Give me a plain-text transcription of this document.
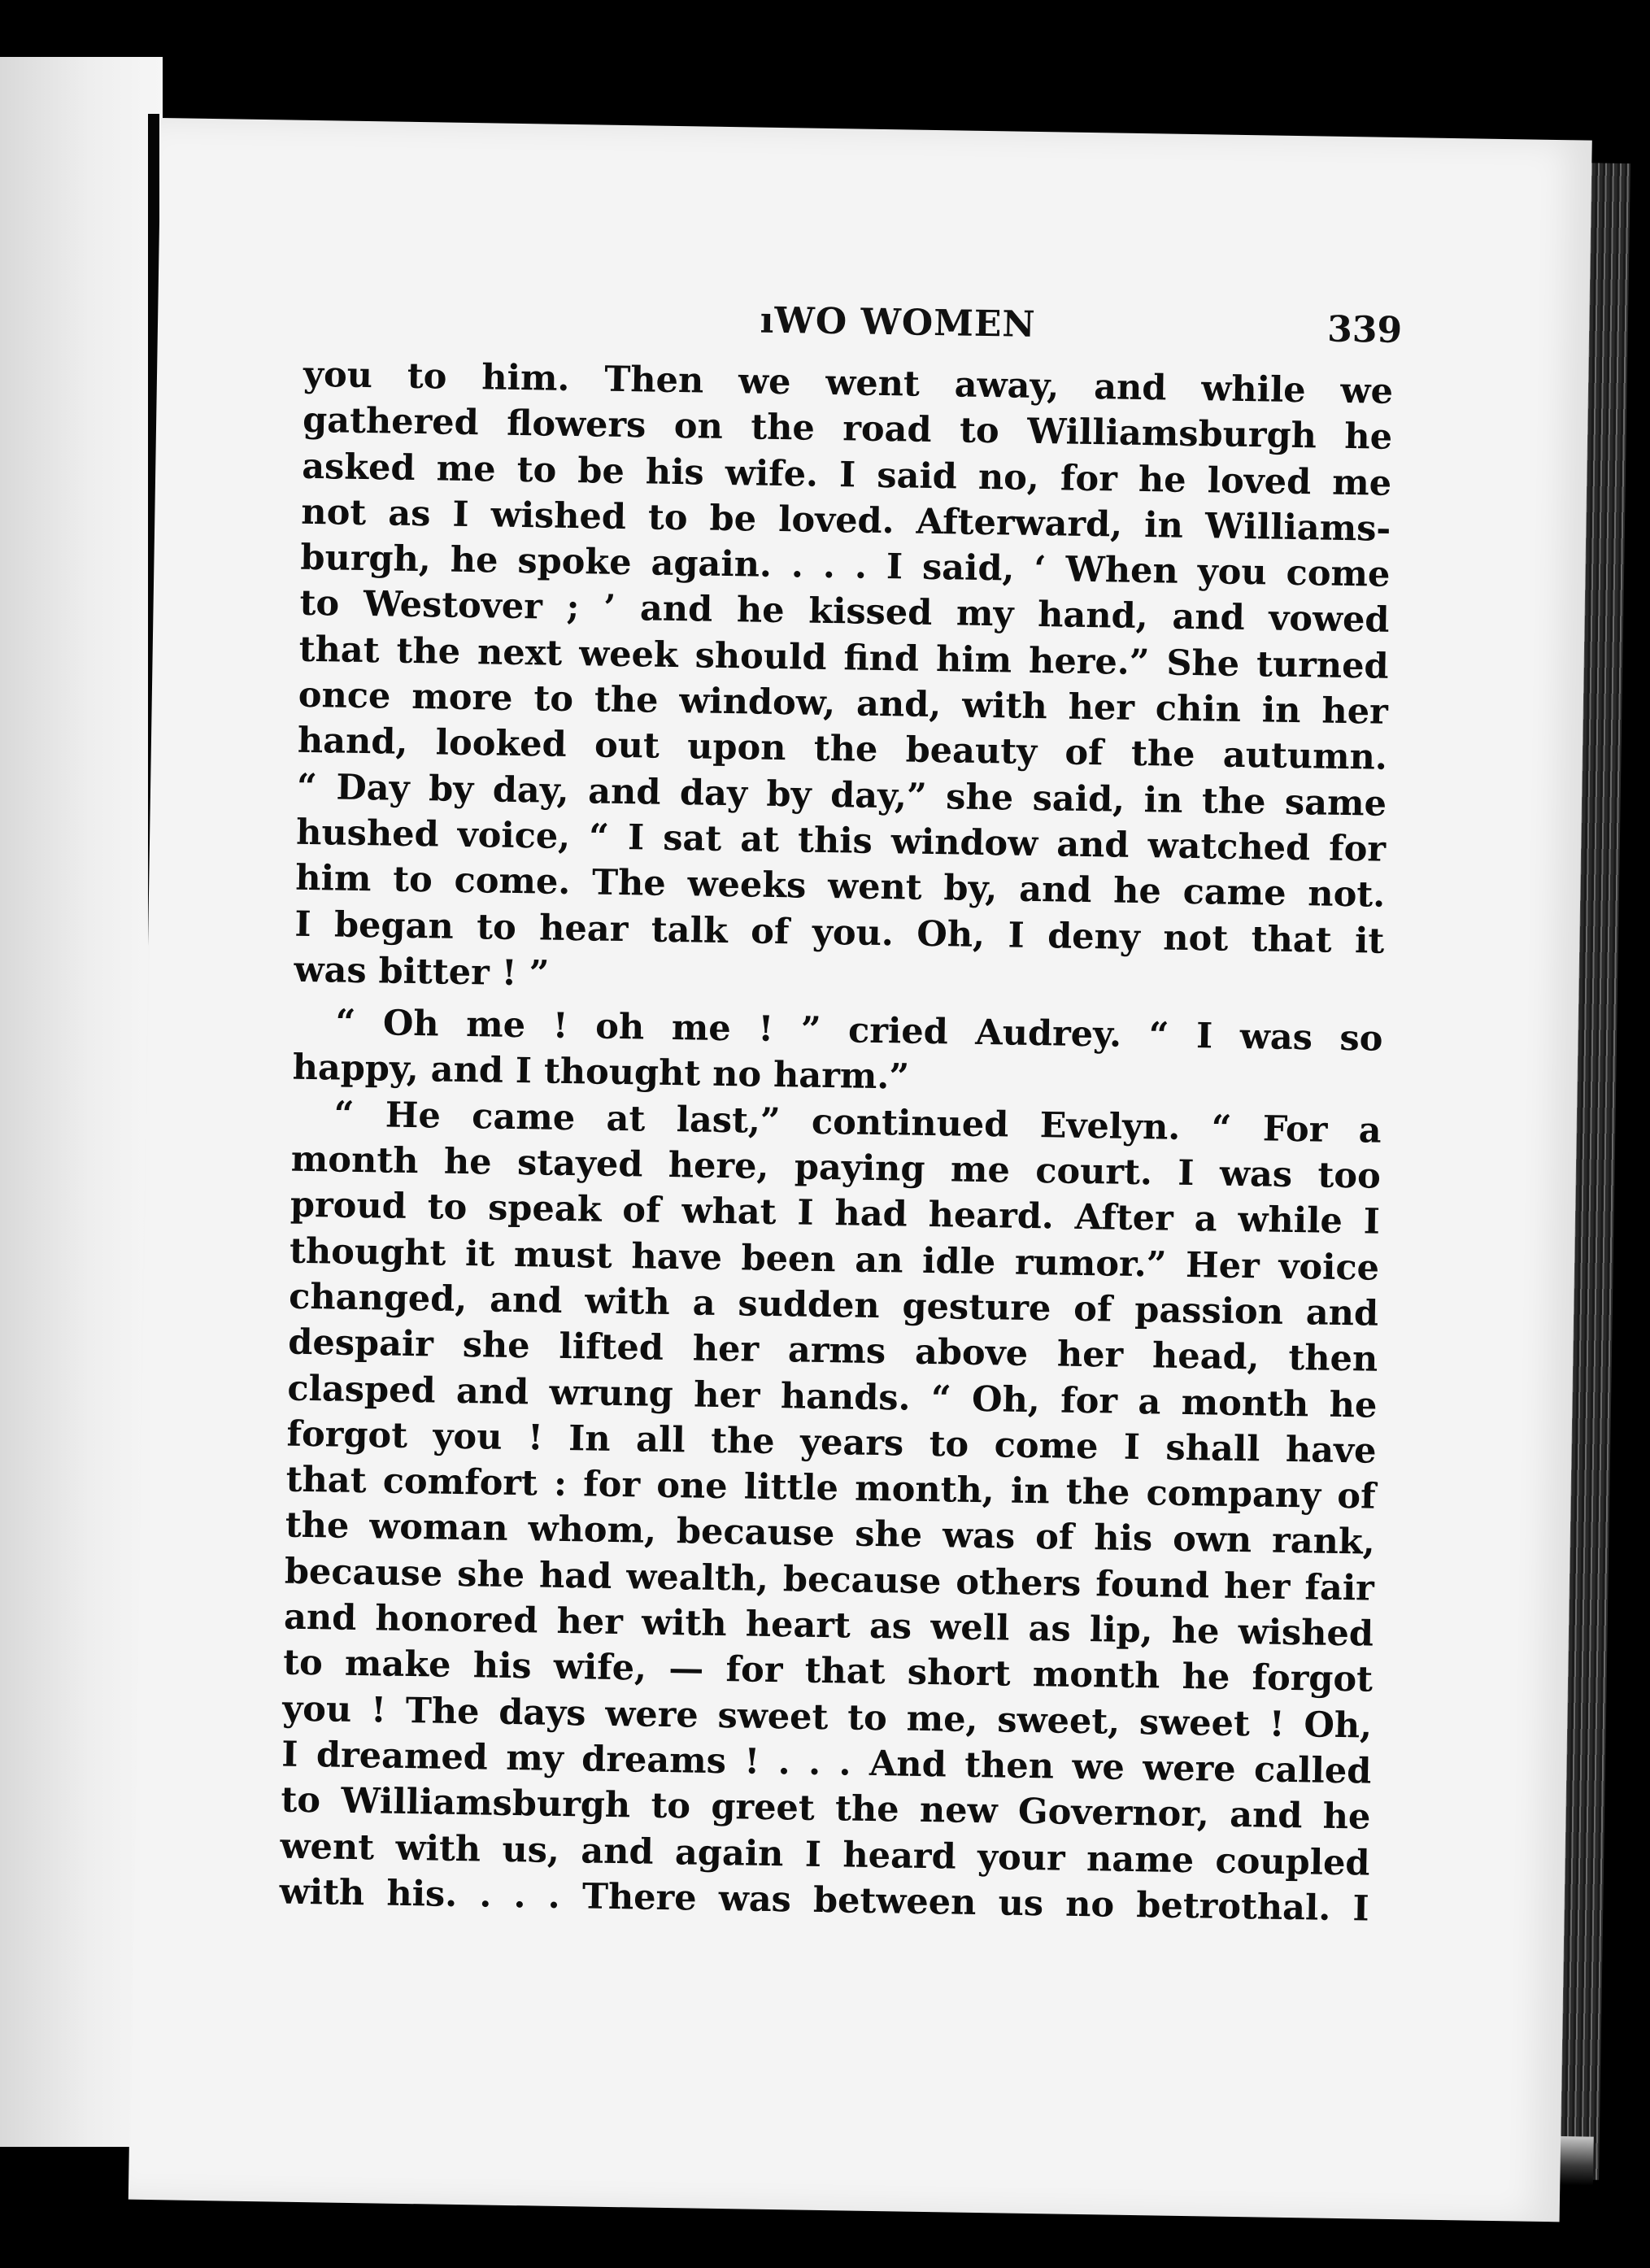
ıWO WOMEN	339
you to him. Then we went away, and while we
gathered flowers on the road to Williamsburgh he
asked me to be his wife. I said no, for he loved me
not as I wished to be loved. Afterward, in Williams-
burgh, he spoke again. . . . I said, ‘ When you come
to Westover ; ’ and he kissed my hand, and vowed
that the next week should find him here.” She turned
once more to the window, and, with her chin in her
hand, looked out upon the beauty of the autumn.
“ Day by day, and day by day,” she said, in the same
hushed voice, “ I sat at this window and watched for
him to come. The weeks went by, and he came not.
I began to hear talk of you. Oh, I deny not that it
was bitter ! ”
“ Oh me ! oh me ! ” cried Audrey. “ I was so
happy, and I thought no harm.”
“ He came at last,” continued Evelyn. “ For a
month he stayed here, paying me court. I was too
proud to speak of what I had heard. After a while I
thought it must have been an idle rumor.” Her voice
changed, and with a sudden gesture of passion and
despair she lifted her arms above her head, then
clasped and wrung her hands. “ Oh, for a month he
forgot you ! In all the years to come I shall have
that comfort : for one little month, in the company of
the woman whom, because she was of his own rank,
because she had wealth, because others found her fair
and honored her with heart as well as lip, he wished
to make his wife, — for that short month he forgot
you ! The days were sweet to me, sweet, sweet ! Oh,
I dreamed my dreams ! . . . And then we were called
to Williamsburgh to greet the new Governor, and he
went with us, and again I heard your name coupled
with his. . . . There was between us no betrothal. I
